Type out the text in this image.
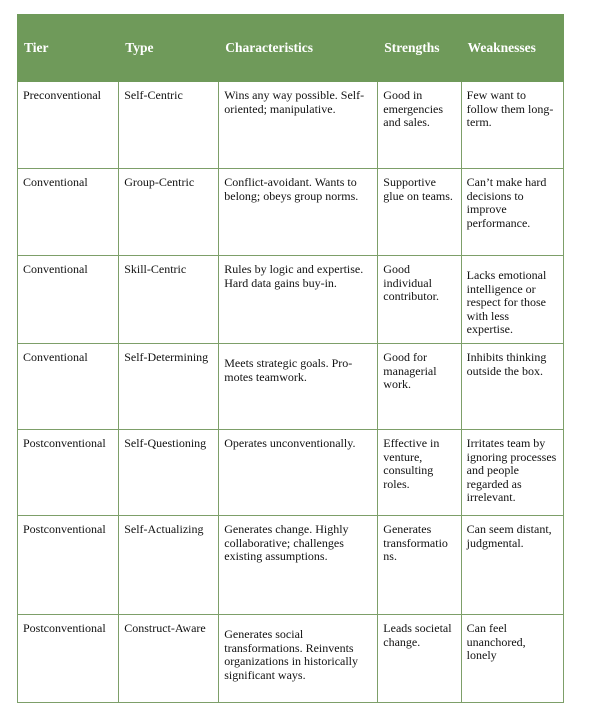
Tier	Type	Characteristics	Strengths	Weaknesses
Preconventional	Self-Centric	Wins any way possible. Self-oriented; manipulative.	Good in emergencies and sales.	Few want to follow them long-term.
Conventional	Group-Centric	Conflict-avoidant. Wants to belong; obeys group norms.	Supportive glue on teams.	Can’t make hard decisions to improve performance.
Conventional	Skill-Centric	Rules by logic and expertise. Hard data gains buy-in.	Good individual contributor.	Lacks emotional intelligence or respect for those with less expertise.

Conventional	Self-Determining	Meets strategic goals. Pro-motes teamwork.	Good for managerial work.	Inhibits thinking outside the box.
Postconventional	Self-Questioning	Operates unconventionally.	Effective in venture, consulting roles.	Irritates team by ignoring processes and people regarded as irrelevant.
Postconventional	Self-Actualizing	Generates change. Highly collaborative; challenges existing assumptions.	Generates transformatio ns.	Can seem distant, judgmental.
Postconventional	Construct-Aware	Generates social transformations. Reinvents organizations in historically significant ways.	Leads societal change.	Can feel unanchored, lonely
